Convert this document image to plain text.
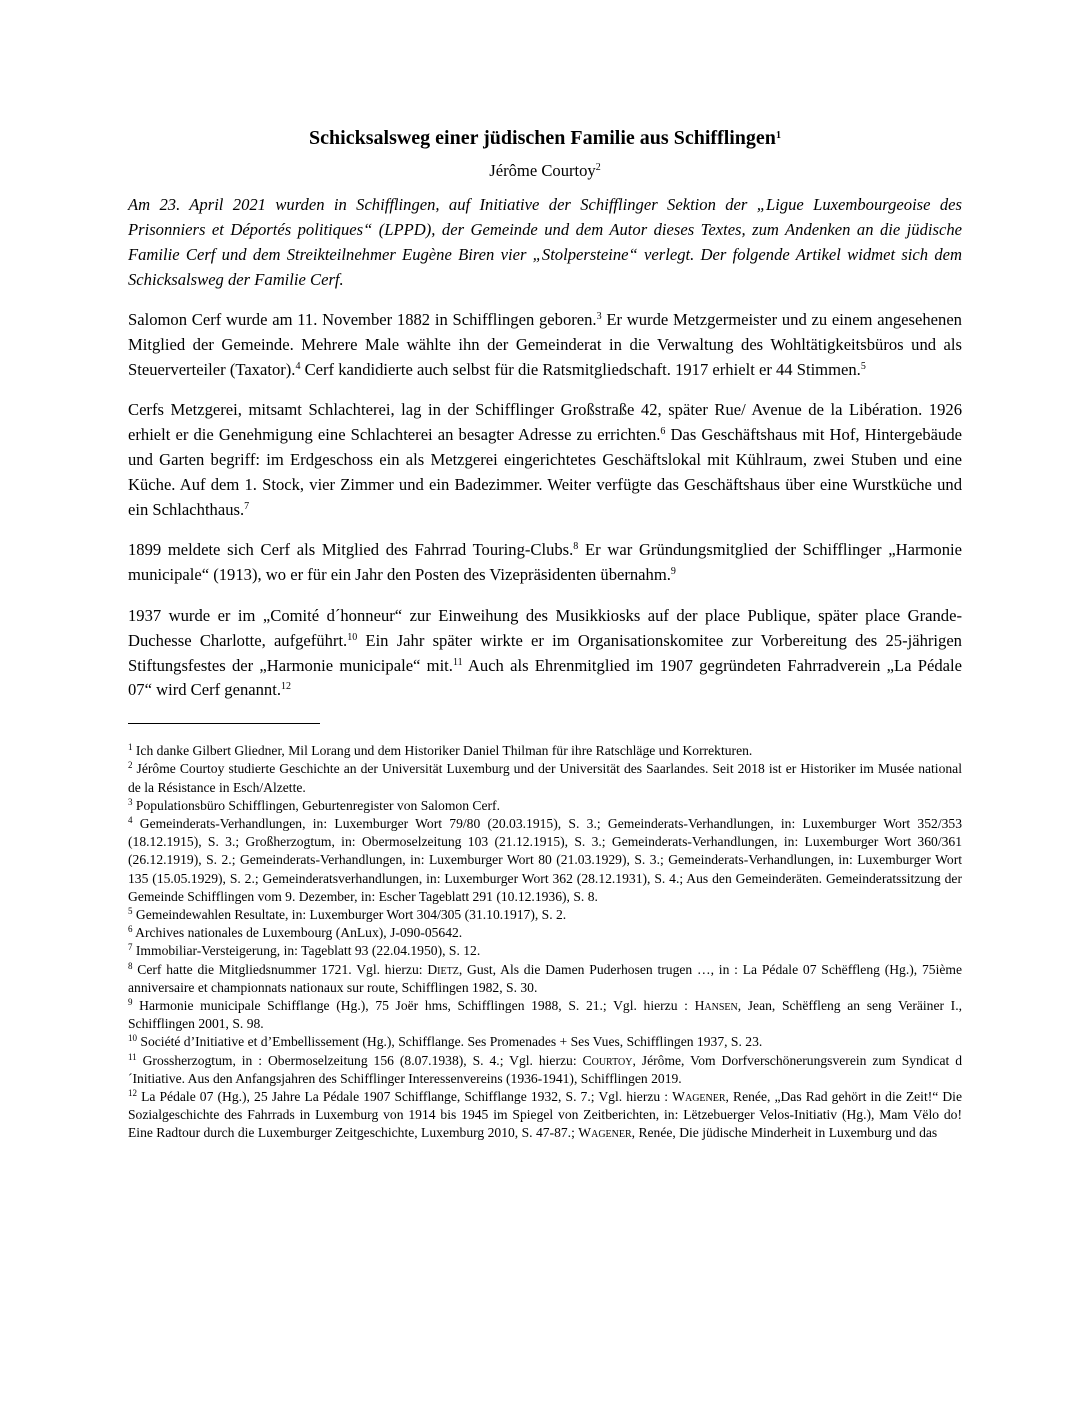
Schicksalsweg einer jüdischen Familie aus Schifflingen$^1$
Jérôme Courtoy$^2$
Am 23. April 2021 wurden in Schifflingen, auf Initiative der Schifflinger Sektion der „Ligue Luxembourgeoise des Prisonniers et Déportés politiques“ (LPPD), der Gemeinde und dem Autor dieses Textes, zum Andenken an die jüdische Familie Cerf und dem Streikteilnehmer Eugène Biren vier „Stolpersteine“ verlegt. Der folgende Artikel widmet sich dem Schicksalsweg der Familie Cerf.

Salomon Cerf wurde am 11. November 1882 in Schifflingen geboren.$^3$ Er wurde Metzgermeister und zu einem angesehenen Mitglied der Gemeinde. Mehrere Male wählte ihn der Gemeinderat in die Verwaltung des Wohltätigkeitsbüros und als Steuerverteiler (Taxator).$^4$ Cerf kandidierte auch selbst für die Ratsmitgliedschaft. 1917 erhielt er 44 Stimmen.$^5$

Cerfs Metzgerei, mitsamt Schlachterei, lag in der Schifflinger Großstraße 42, später Rue/ Avenue de la Libération. 1926 erhielt er die Genehmigung eine Schlachterei an besagter Adresse zu errichten.$^6$ Das Geschäftshaus mit Hof, Hintergebäude und Garten begriff: im Erdgeschoss ein als Metzgerei eingerichtetes Geschäftslokal mit Kühlraum, zwei Stuben und eine Küche. Auf dem 1. Stock, vier Zimmer und ein Badezimmer. Weiter verfügte das Geschäftshaus über eine Wurstküche und ein Schlachthaus.$^7$

1899 meldete sich Cerf als Mitglied des Fahrrad Touring-Clubs.$^8$ Er war Gründungsmitglied der Schifflinger „Harmonie municipale“ (1913), wo er für ein Jahr den Posten des Vizepräsidenten übernahm.$^9$

1937 wurde er im „Comité d´honneur“ zur Einweihung des Musikkiosks auf der place Publique, später place Grande-Duchesse Charlotte, aufgeführt.$^{10}$ Ein Jahr später wirkte er im Organisationskomitee zur Vorbereitung des 25-jährigen Stiftungsfestes der „Harmonie municipale“ mit.$^{11}$ Auch als Ehrenmitglied im 1907 gegründeten Fahrradverein „La Pédale 07“ wird Cerf genannt.$^{12}$

$^1$ Ich danke Gilbert Gliedner, Mil Lorang und dem Historiker Daniel Thilman für ihre Ratschläge und Korrekturen.

$^2$ Jérôme Courtoy studierte Geschichte an der Universität Luxemburg und der Universität des Saarlandes. Seit 2018 ist er Historiker im Musée national de la Résistance in Esch/Alzette.

$^3$ Populationsbüro Schifflingen, Geburtenregister von Salomon Cerf.

$^4$ Gemeinderats-Verhandlungen, in: Luxemburger Wort 79/80 (20.03.1915), S. 3.; Gemeinderats-Verhandlungen, in: Luxemburger Wort 352/353 (18.12.1915), S. 3.; Großherzogtum, in: Obermoselzeitung 103 (21.12.1915), S. 3.; Gemeinderats-Verhandlungen, in: Luxemburger Wort 360/361 (26.12.1919), S. 2.; Gemeinderats-Verhandlungen, in: Luxemburger Wort 80 (21.03.1929), S. 3.; Gemeinderats-Verhandlungen, in: Luxemburger Wort 135 (15.05.1929), S. 2.; Gemeinderatsverhandlungen, in: Luxemburger Wort 362 (28.12.1931), S. 4.; Aus den Gemeinderäten. Gemeinderatssitzung der Gemeinde Schifflingen vom 9. Dezember, in: Escher Tageblatt 291 (10.12.1936), S. 8.

$^5$ Gemeindewahlen Resultate, in: Luxemburger Wort 304/305 (31.10.1917), S. 2.

$^6$ Archives nationales de Luxembourg (AnLux), J-090-05642.

$^7$ Immobiliar-Versteigerung, in: Tageblatt 93 (22.04.1950), S. 12.

$^8$ Cerf hatte die Mitgliedsnummer 1721. Vgl. hierzu: Dietz, Gust, Als die Damen Puderhosen trugen …, in : La Pédale 07 Schëffleng (Hg.), 75ième anniversaire et championnats nationaux sur route, Schifflingen 1982, S. 30.

$^9$ Harmonie municipale Schifflange (Hg.), 75 Joër hms, Schifflingen 1988, S. 21.; Vgl. hierzu : Hansen, Jean, Schëffleng an seng Veräiner I., Schifflingen 2001, S. 98.

$^{10}$ Société d’Initiative et d’Embellissement (Hg.), Schifflange. Ses Promenades + Ses Vues, Schifflingen 1937, S. 23.

$^{11}$ Grossherzogtum, in : Obermoselzeitung 156 (8.07.1938), S. 4.; Vgl. hierzu: Courtoy, Jérôme, Vom Dorfverschönerungsverein zum Syndicat d´Initiative. Aus den Anfangsjahren des Schifflinger Interessenvereins (1936-1941), Schifflingen 2019.

$^{12}$ La Pédale 07 (Hg.), 25 Jahre La Pédale 1907 Schifflange, Schifflange 1932, S. 7.; Vgl. hierzu : Wagener, Renée, „Das Rad gehört in die Zeit!“ Die Sozialgeschichte des Fahrrads in Luxemburg von 1914 bis 1945 im Spiegel von Zeitberichten, in: Lëtzebuerger Velos-Initiativ (Hg.), Mam Vëlo do! Eine Radtour durch die Luxemburger Zeitgeschichte, Luxemburg 2010, S. 47-87.; Wagener, Renée, Die jüdische Minderheit in Luxemburg und das
